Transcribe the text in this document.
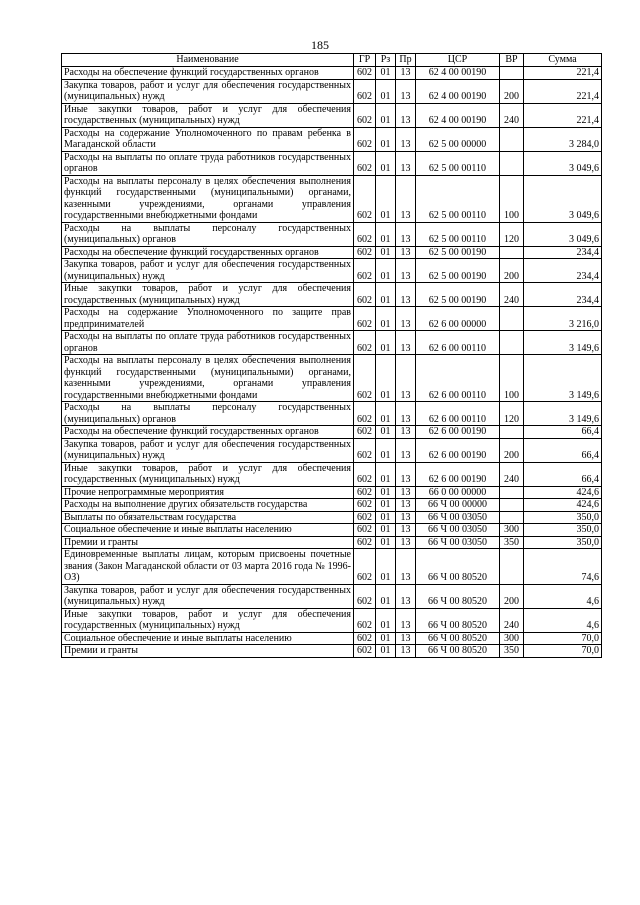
185
Наименование	ГР	Рз	Пр	ЦСР	ВР	Сумма
Расходы на обеспечение функций государственных органов	602	01	13	62 4 00 00190		221,4
Закупка товаров, работ и услуг для обеспечения государственных (муниципальных) нужд	602	01	13	62 4 00 00190	200	221,4
Иные закупки товаров, работ и услуг для обеспечения государственных (муниципальных) нужд	602	01	13	62 4 00 00190	240	221,4
Расходы на содержание Уполномоченного по правам ребенка в Магаданской области	602	01	13	62 5 00 00000		3 284,0
Расходы на выплаты по оплате труда работников государственных органов	602	01	13	62 5 00 00110		3 049,6
Расходы на выплаты персоналу в целях обеспечения выполнения функций государственными (муниципальными) органами, казенными учреждениями, органами управления государственными внебюджетными фондами	602	01	13	62 5 00 00110	100	3 049,6
Расходы на выплаты персоналу государственных (муниципальных) органов	602	01	13	62 5 00 00110	120	3 049,6
Расходы на обеспечение функций государственных органов	602	01	13	62 5 00 00190		234,4
Закупка товаров, работ и услуг для обеспечения государственных (муниципальных) нужд	602	01	13	62 5 00 00190	200	234,4
Иные закупки товаров, работ и услуг для обеспечения государственных (муниципальных) нужд	602	01	13	62 5 00 00190	240	234,4
Расходы на содержание Уполномоченного по защите прав предпринимателей	602	01	13	62 6 00 00000		3 216,0
Расходы на выплаты по оплате труда работников государственных органов	602	01	13	62 6 00 00110		3 149,6
Расходы на выплаты персоналу в целях обеспечения выполнения функций государственными (муниципальными) органами, казенными учреждениями, органами управления государственными внебюджетными фондами	602	01	13	62 6 00 00110	100	3 149,6
Расходы на выплаты персоналу государственных (муниципальных) органов	602	01	13	62 6 00 00110	120	3 149,6
Расходы на обеспечение функций государственных органов	602	01	13	62 6 00 00190		66,4
Закупка товаров, работ и услуг для обеспечения государственных (муниципальных) нужд	602	01	13	62 6 00 00190	200	66,4
Иные закупки товаров, работ и услуг для обеспечения государственных (муниципальных) нужд	602	01	13	62 6 00 00190	240	66,4
Прочие непрограммные мероприятия	602	01	13	66 0 00 00000		424,6
Расходы на выполнение других обязательств государства	602	01	13	66 Ч 00 00000		424,6
Выплаты по обязательствам государства	602	01	13	66 Ч 00 03050		350,0
Социальное обеспечение и иные выплаты населению	602	01	13	66 Ч 00 03050	300	350,0
Премии и гранты	602	01	13	66 Ч 00 03050	350	350,0
Единовременные выплаты лицам, которым присвоены почетные звания (Закон Магаданской области от 03 марта 2016 года № 1996-ОЗ)	602	01	13	66 Ч 00 80520		74,6
Закупка товаров, работ и услуг для обеспечения государственных (муниципальных) нужд	602	01	13	66 Ч 00 80520	200	4,6
Иные закупки товаров, работ и услуг для обеспечения государственных (муниципальных) нужд	602	01	13	66 Ч 00 80520	240	4,6
Социальное обеспечение и иные выплаты населению	602	01	13	66 Ч 00 80520	300	70,0
Премии и гранты	602	01	13	66 Ч 00 80520	350	70,0
